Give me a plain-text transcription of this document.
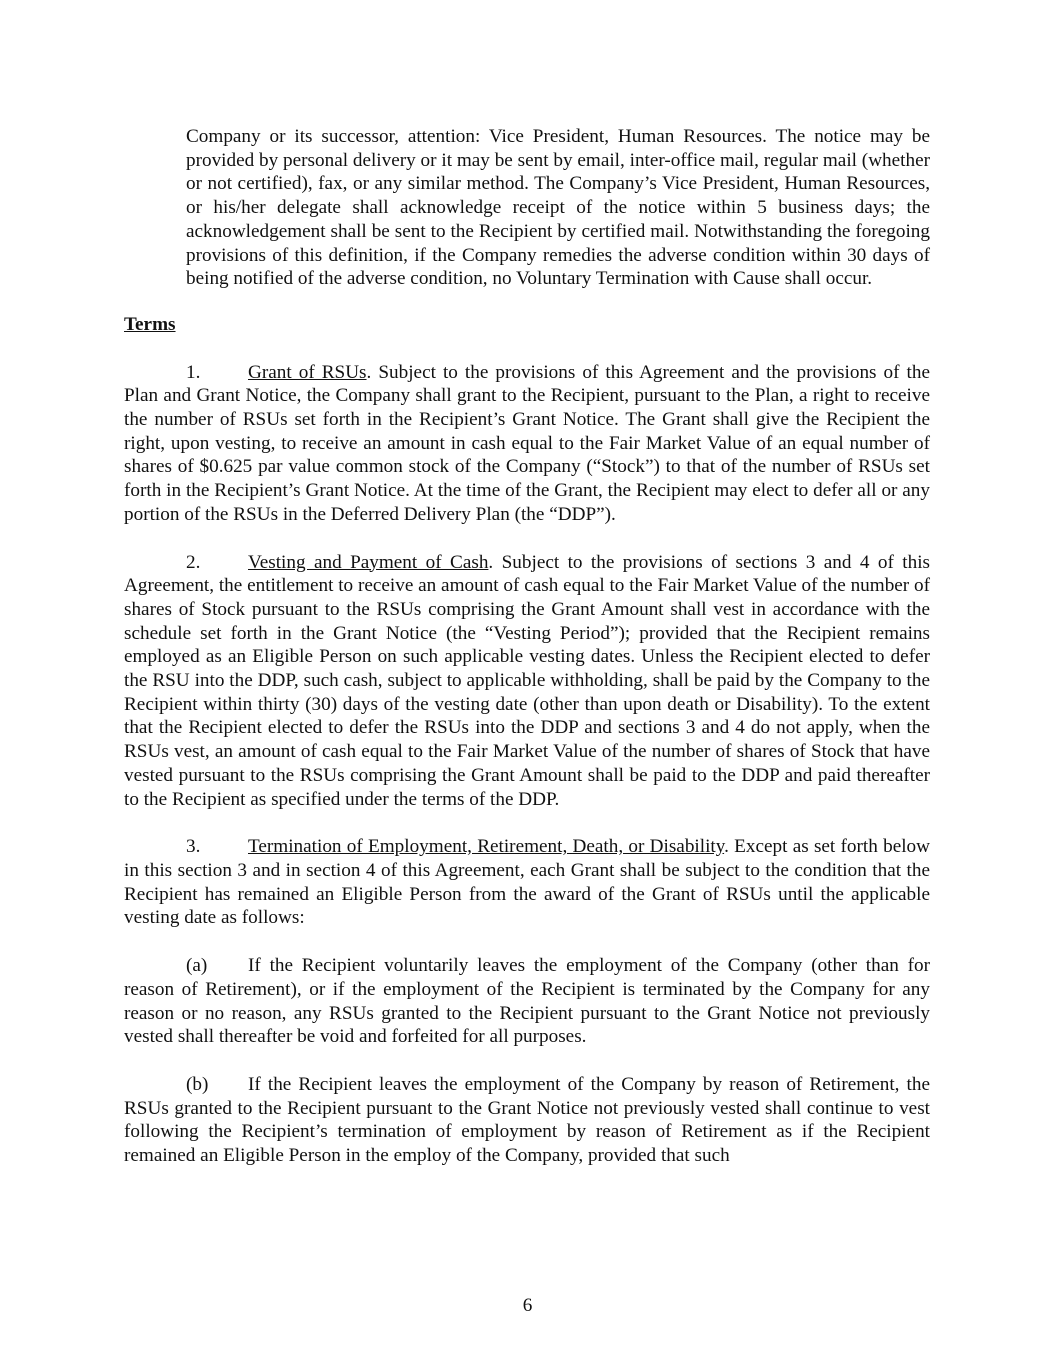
Company or its successor, attention: Vice President, Human Resources. The notice may be provided by personal delivery or it may be sent by email, inter-office mail, regular mail (whether or not certified), fax, or any similar method. The Company’s Vice President, Human Resources, or his/her delegate shall acknowledge receipt of the notice within 5 business days; the acknowledgement shall be sent to the Recipient by certified mail. Notwithstanding the foregoing provisions of this definition, if the Company remedies the adverse condition within 30 days of being notified of the adverse condition, no Voluntary Termination with Cause shall occur.

Terms

1. Grant of RSUs. Subject to the provisions of this Agreement and the provisions of the Plan and Grant Notice, the Company shall grant to the Recipient, pursuant to the Plan, a right to receive the number of RSUs set forth in the Recipient’s Grant Notice. The Grant shall give the Recipient the right, upon vesting, to receive an amount in cash equal to the Fair Market Value of an equal number of shares of $0.625 par value common stock of the Company (“Stock”) to that of the number of RSUs set forth in the Recipient’s Grant Notice. At the time of the Grant, the Recipient may elect to defer all or any portion of the RSUs in the Deferred Delivery Plan (the “DDP”).

2. Vesting and Payment of Cash. Subject to the provisions of sections 3 and 4 of this Agreement, the entitlement to receive an amount of cash equal to the Fair Market Value of the number of shares of Stock pursuant to the RSUs comprising the Grant Amount shall vest in accordance with the schedule set forth in the Grant Notice (the “Vesting Period”); provided that the Recipient remains employed as an Eligible Person on such applicable vesting dates. Unless the Recipient elected to defer the RSU into the DDP, such cash, subject to applicable withholding, shall be paid by the Company to the Recipient within thirty (30) days of the vesting date (other than upon death or Disability). To the extent that the Recipient elected to defer the RSUs into the DDP and sections 3 and 4 do not apply, when the RSUs vest, an amount of cash equal to the Fair Market Value of the number of shares of Stock that have vested pursuant to the RSUs comprising the Grant Amount shall be paid to the DDP and paid thereafter to the Recipient as specified under the terms of the DDP.

3. Termination of Employment, Retirement, Death, or Disability. Except as set forth below in this section 3 and in section 4 of this Agreement, each Grant shall be subject to the condition that the Recipient has remained an Eligible Person from the award of the Grant of RSUs until the applicable vesting date as follows:

(a) If the Recipient voluntarily leaves the employment of the Company (other than for reason of Retirement), or if the employment of the Recipient is terminated by the Company for any reason or no reason, any RSUs granted to the Recipient pursuant to the Grant Notice not previously vested shall thereafter be void and forfeited for all purposes.

(b) If the Recipient leaves the employment of the Company by reason of Retirement, the RSUs granted to the Recipient pursuant to the Grant Notice not previously vested shall continue to vest following the Recipient’s termination of employment by reason of Retirement as if the Recipient remained an Eligible Person in the employ of the Company, provided that such

6
